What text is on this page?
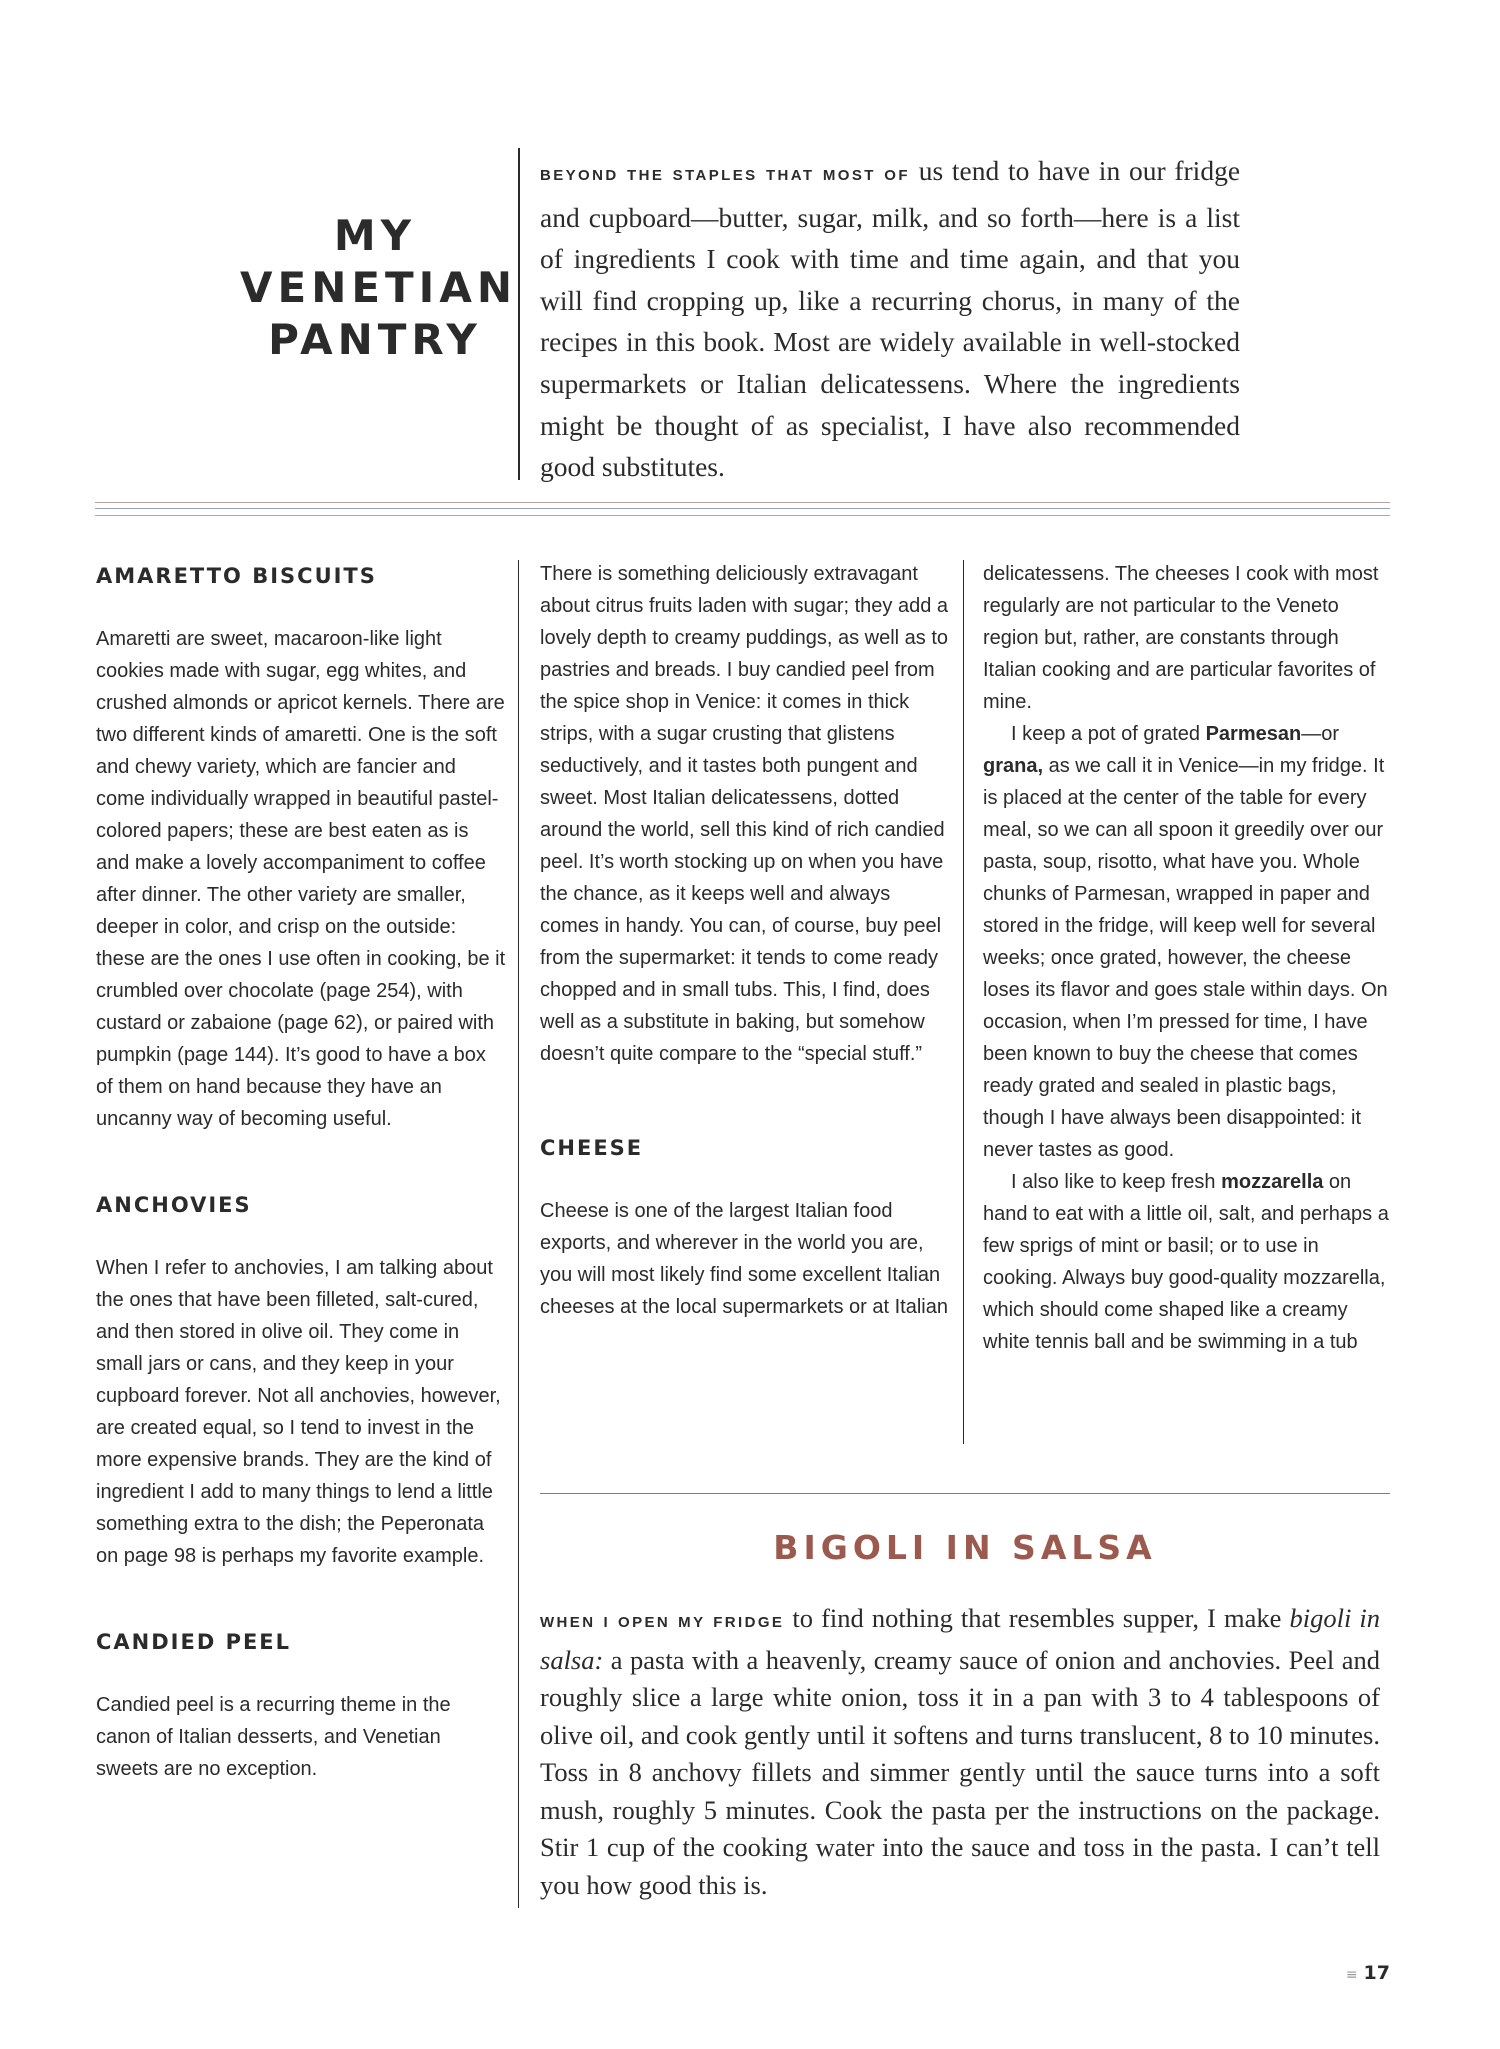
MY
VENETIAN
PANTRY
BEYOND THE STAPLES THAT MOST OF us tend to have in our fridge and cupboard—butter, sugar, milk, and so forth—here is a list of ingredients I cook with time and time again, and that you will find cropping up, like a recurring chorus, in many of the recipes in this book. Most are widely available in well-stocked supermarkets or Italian delicatessens. Where the ingredients might be thought of as specialist, I have also recommended good substitutes.
AMARETTO BISCUITS

Amaretti are sweet, macaroon-like light cookies made with sugar, egg whites, and crushed almonds or apricot kernels. There are two different kinds of amaretti. One is the soft and chewy variety, which are fancier and come individually wrapped in beautiful pastel-colored papers; these are best eaten as is and make a lovely accompaniment to coffee after dinner. The other variety are smaller, deeper in color, and crisp on the outside: these are the ones I use often in cooking, be it crumbled over chocolate (page 254), with custard or zabaione (page 62), or paired with pumpkin (page 144). It’s good to have a box of them on hand because they have an uncanny way of becoming useful.

ANCHOVIES

When I refer to anchovies, I am talking about the ones that have been filleted, salt-cured, and then stored in olive oil. They come in small jars or cans, and they keep in your cupboard forever. Not all anchovies, however, are created equal, so I tend to invest in the more expensive brands. They are the kind of ingredient I add to many things to lend a little something extra to the dish; the Peperonata on page 98 is perhaps my favorite example.

CANDIED PEEL

Candied peel is a recurring theme in the canon of Italian desserts, and Venetian sweets are no exception.

There is something deliciously extravagant about citrus fruits laden with sugar; they add a lovely depth to creamy puddings, as well as to pastries and breads. I buy candied peel from the spice shop in Venice: it comes in thick strips, with a sugar crusting that glistens seductively, and it tastes both pungent and sweet. Most Italian delicatessens, dotted around the world, sell this kind of rich candied peel. It’s worth stocking up on when you have the chance, as it keeps well and always comes in handy. You can, of course, buy peel from the supermarket: it tends to come ready chopped and in small tubs. This, I find, does well as a substitute in baking, but somehow doesn’t quite compare to the “special stuff.”

CHEESE

Cheese is one of the largest Italian food exports, and wherever in the world you are, you will most likely find some excellent Italian cheeses at the local supermarkets or at Italian

delicatessens. The cheeses I cook with most regularly are not particular to the Veneto region but, rather, are constants through Italian cooking and are particular favorites of mine.

I keep a pot of grated Parmesan—or grana, as we call it in Venice—in my fridge. It is placed at the center of the table for every meal, so we can all spoon it greedily over our pasta, soup, risotto, what have you. Whole chunks of Parmesan, wrapped in paper and stored in the fridge, will keep well for several weeks; once grated, however, the cheese loses its flavor and goes stale within days. On occasion, when I’m pressed for time, I have been known to buy the cheese that comes ready grated and sealed in plastic bags, though I have always been disappointed: it never tastes as good.

I also like to keep fresh mozzarella on hand to eat with a little oil, salt, and perhaps a few sprigs of mint or basil; or to use in cooking. Always buy good-quality mozzarella, which should come shaped like a creamy white tennis ball and be swimming in a tub

BIGOLI IN SALSA
WHEN I OPEN MY FRIDGE to find nothing that resembles supper, I make bigoli in salsa: a pasta with a heavenly, creamy sauce of onion and anchovies. Peel and roughly slice a large white onion, toss it in a pan with 3 to 4 tablespoons of olive oil, and cook gently until it softens and turns translucent, 8 to 10 minutes. Toss in 8 anchovy fillets and simmer gently until the sauce turns into a soft mush, roughly 5 minutes. Cook the pasta per the instructions on the package. Stir 1 cup of the cooking water into the sauce and toss in the pasta. I can’t tell you how good this is.
≡ 17
